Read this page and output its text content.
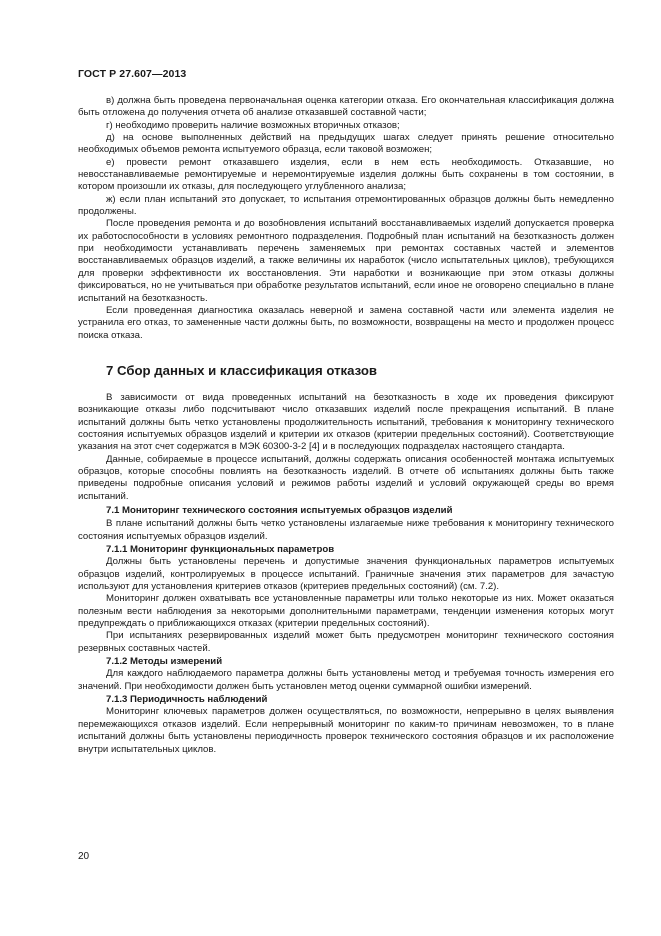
ГОСТ Р 27.607—2013

в) должна быть проведена первоначальная оценка категории отказа. Его окончательная классификация должна быть отложена до получения отчета об анализе отказавшей составной части;

г) необходимо проверить наличие возможных вторичных отказов;

д) на основе выполненных действий на предыдущих шагах следует принять решение относительно необходимых объемов ремонта испытуемого образца, если таковой возможен;

е) провести ремонт отказавшего изделия, если в нем есть необходимость. Отказавшие, но невосстанавливаемые ремонтируемые и неремонтируемые изделия должны быть сохранены в том состоянии, в котором произошли их отказы, для последующего углубленного анализа;

ж) если план испытаний это допускает, то испытания отремонтированных образцов должны быть немедленно продолжены.

После проведения ремонта и до возобновления испытаний восстанавливаемых изделий допускается проверка их работоспособности в условиях ремонтного подразделения. Подробный план испытаний на безотказность должен при необходимости устанавливать перечень заменяемых при ремонтах составных частей и элементов восстанавливаемых образцов изделий, а также величины их наработок (число испытательных циклов), требующихся для проверки эффективности их восстановления. Эти наработки и возникающие при этом отказы должны фиксироваться, но не учитываться при обработке результатов испытаний, если иное не оговорено специально в плане испытаний на безотказность.

Если проведенная диагностика оказалась неверной и замена составной части или элемента изделия не устранила его отказ, то замененные части должны быть, по возможности, возвращены на место и продолжен процесс поиска отказа.

7 Сбор данных и классификация отказов

В зависимости от вида проведенных испытаний на безотказность в ходе их проведения фиксируют возникающие отказы либо подсчитывают число отказавших изделий после прекращения испытаний. В плане испытаний должны быть четко установлены продолжительность испытаний, требования к мониторингу технического состояния испытуемых образцов изделий и критерии их отказов (критерии предельных состояний). Соответствующие указания на этот счет содержатся в МЭК 60300-3-2 [4] и в последующих подразделах настоящего стандарта.

Данные, собираемые в процессе испытаний, должны содержать описания особенностей монтажа испытуемых образцов, которые способны повлиять на безотказность изделий. В отчете об испытаниях должны быть также приведены подробные описания условий и режимов работы изделий и условий окружающей среды во время испытаний.

7.1 Мониторинг технического состояния испытуемых образцов изделий

В плане испытаний должны быть четко установлены излагаемые ниже требования к мониторингу технического состояния испытуемых образцов изделий.

7.1.1 Мониторинг функциональных параметров

Должны быть установлены перечень и допустимые значения функциональных параметров испытуемых образцов изделий, контролируемых в процессе испытаний. Граничные значения этих параметров для зачастую используют для установления критериев отказов (критериев предельных состояний) (см. 7.2).

Мониторинг должен охватывать все установленные параметры или только некоторые из них. Может оказаться полезным вести наблюдения за некоторыми дополнительными параметрами, тенденции изменения которых могут предупреждать о приближающихся отказах (критерии предельных состояний).

При испытаниях резервированных изделий может быть предусмотрен мониторинг технического состояния резервных составных частей.

7.1.2 Методы измерений

Для каждого наблюдаемого параметра должны быть установлены метод и требуемая точность измерения его значений. При необходимости должен быть установлен метод оценки суммарной ошибки измерений.

7.1.3 Периодичность наблюдений

Мониторинг ключевых параметров должен осуществляться, по возможности, непрерывно в целях выявления перемежающихся отказов изделий. Если непрерывный мониторинг по каким-то причинам невозможен, то в плане испытаний должны быть установлены периодичность проверок технического состояния образцов и их расположение внутри испытательных циклов.

20
